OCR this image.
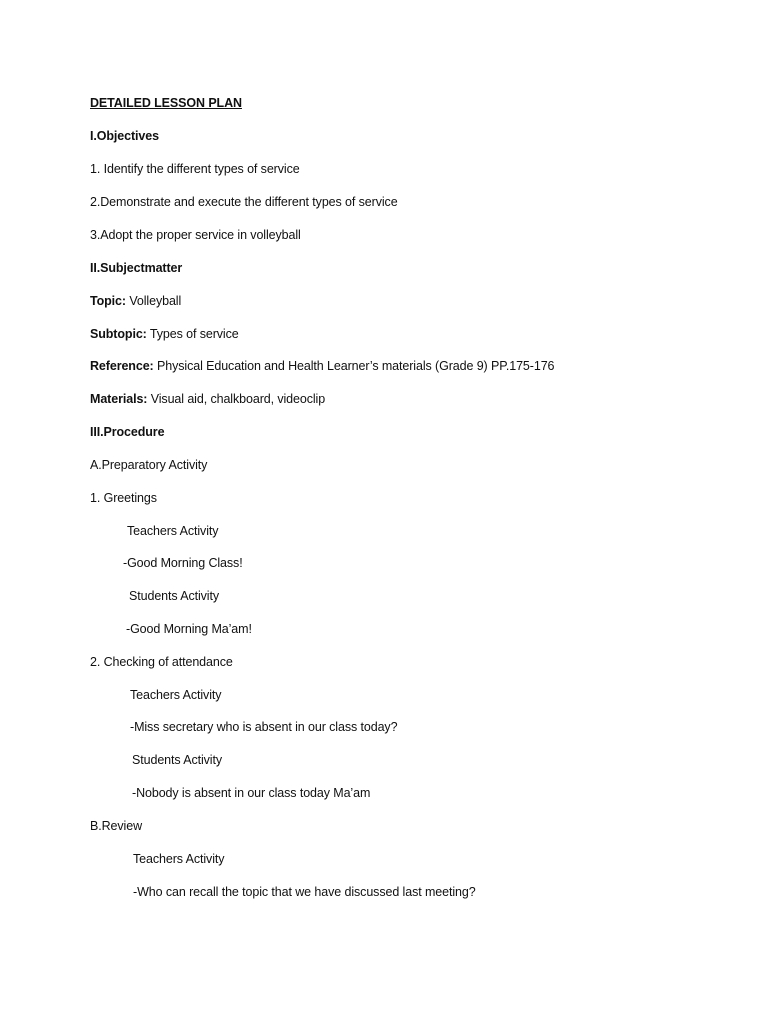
DETAILED LESSON PLAN
I.Objectives
1. Identify the different types of service
2.Demonstrate and execute the different types of service
3.Adopt the proper service in volleyball
II.Subjectmatter
Topic: Volleyball
Subtopic: Types of service
Reference: Physical Education and Health Learner’s materials (Grade 9) PP.175-176
Materials: Visual aid, chalkboard, videoclip
III.Procedure
A.Preparatory Activity
1. Greetings
Teachers Activity
-Good Morning Class!
Students Activity
-Good Morning Ma’am!
2. Checking of attendance
Teachers Activity
-Miss secretary who is absent in our class today?
Students Activity
-Nobody is absent in our class today Ma’am
B.Review
Teachers Activity
-Who can recall the topic that we have discussed last meeting?
